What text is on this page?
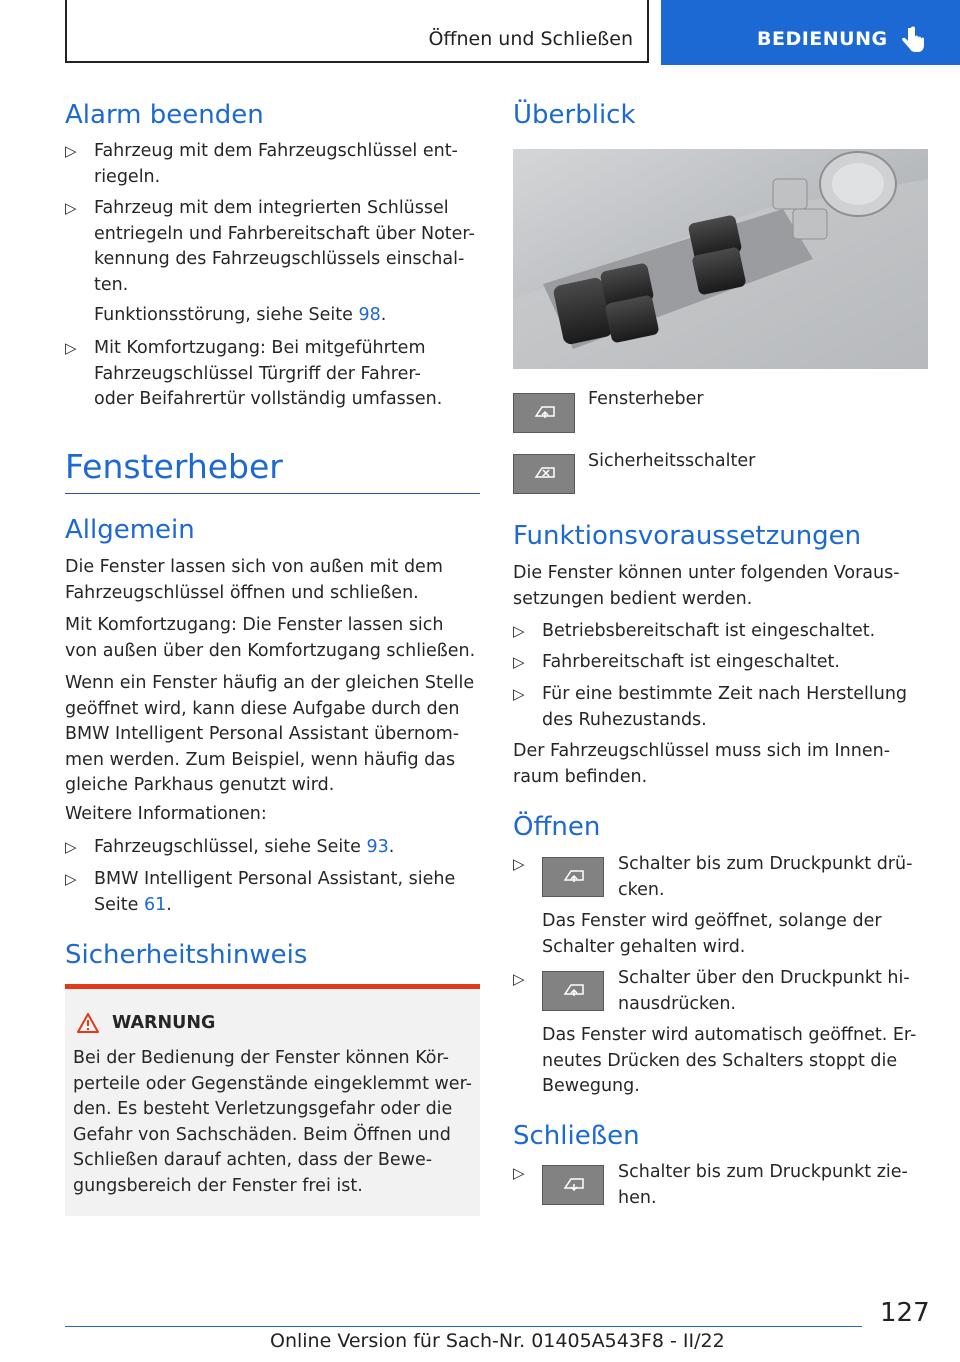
Öffnen und Schließen	BEDIENUNG
Alarm beenden
▷ Fahrzeug mit dem Fahrzeugschlüssel ent-

riegeln.

▷ Fahrzeug mit dem integrierten Schlüssel

entriegeln und Fahrbereitschaft über Noter-

kennung des Fahrzeugschlüssels einschal-

ten.

Funktionsstörung, siehe Seite 98.

▷ Mit Komfortzugang: Bei mitgeführtem

Fahrzeugschlüssel Türgriff der Fahrer-

oder Beifahrertür vollständig umfassen.

Fensterheber
Allgemein

Die Fenster lassen sich von außen mit dem

Fahrzeugschlüssel öffnen und schließen.

Mit Komfortzugang: Die Fenster lassen sich

von außen über den Komfortzugang schließen.

Wenn ein Fenster häufig an der gleichen Stelle

geöffnet wird, kann diese Aufgabe durch den

BMW Intelligent Personal Assistant übernom-

men werden. Zum Beispiel, wenn häufig das

gleiche Parkhaus genutzt wird.

Weitere Informationen:

▷ Fahrzeugschlüssel, siehe Seite 93.

▷ BMW Intelligent Personal Assistant, siehe

Seite 61.

Sicherheitshinweis
WARNUNG

Bei der Bedienung der Fenster können Kör-

perteile oder Gegenstände eingeklemmt wer-

den. Es besteht Verletzungsgefahr oder die

Gefahr von Sachschäden. Beim Öffnen und

Schließen darauf achten, dass der Bewe-

gungsbereich der Fenster frei ist.

Überblick
Fensterheber
Sicherheitsschalter
Funktionsvoraussetzungen

Die Fenster können unter folgenden Voraus-

setzungen bedient werden.

▷ Betriebsbereitschaft ist eingeschaltet.

▷ Fahrbereitschaft ist eingeschaltet.

▷ Für eine bestimmte Zeit nach Herstellung

des Ruhezustands.

Der Fahrzeugschlüssel muss sich im Innen-

raum befinden.

Öffnen
▷	Schalter bis zum Druckpunkt drü-

cken.

Das Fenster wird geöffnet, solange der

Schalter gehalten wird.

▷	Schalter über den Druckpunkt hi-

nausdrücken.

Das Fenster wird automatisch geöffnet. Er-

neutes Drücken des Schalters stoppt die

Bewegung.

Schließen
▷	Schalter bis zum Druckpunkt zie-

hen.

127
Online Version für Sach-Nr. 01405A543F8 - II/22
